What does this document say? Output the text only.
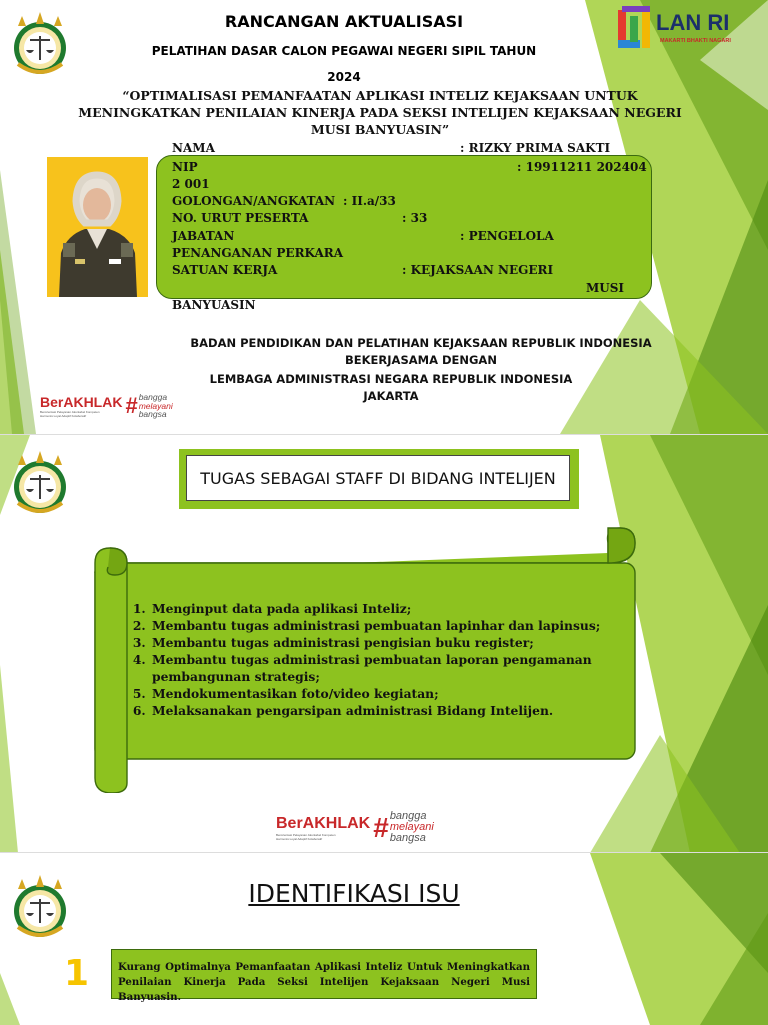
RANCANGAN AKTUALISASI
PELATIHAN DASAR CALON PEGAWAI NEGERI SIPIL TAHUN
2024
“OPTIMALISASI PEMANFAATAN APLIKASI INTELIZ KEJAKSAAN UNTUK
MENINGKATKAN PENILAIAN KINERJA PADA SEKSI INTELIJEN KEJAKSAAN NEGERI
MUSI BANYUASIN”
LAN RI
MAKARTI BHAKTI NAGARI
NAMA	: RIZKY PRIMA SAKTI
NIP	: 19911211 202404
2 001
GOLONGAN/ANGKATAN : II.a/33
NO. URUT PESERTA	: 33
JABATAN	: PENGELOLA
PENANGANAN PERKARA
SATUAN KERJA	: KEJAKSAAN NEGERI
MUSI
BANYUASIN
BADAN PENDIDIKAN DAN PELATIHAN KEJAKSAAN REPUBLIK INDONESIA
BEKERJASAMA DENGAN
LEMBAGA ADMINISTRASI NEGARA REPUBLIK INDONESIA
JAKARTA
BerAKHLAK
Berorientasi Pelayanan Akuntabel Kompeten
Harmonis Loyal Adaptif Kolaboratif	# bangga
melayani
bangsa
TUGAS SEBAGAI STAFF DI BIDANG INTELIJEN
1. Menginput data pada aplikasi Inteliz;
2. Membantu tugas administrasi pembuatan lapinhar dan lapinsus;
3. Membantu tugas administrasi pengisian buku register;
4. Membantu tugas administrasi pembuatan laporan pengamanan pembangunan strategis;
5. Mendokumentasikan foto/video kegiatan;
6. Melaksanakan pengarsipan administrasi Bidang Intelijen.
BerAKHLAK
Berorientasi Pelayanan Akuntabel Kompeten
Harmonis Loyal Adaptif Kolaboratif	# bangga
melayani
bangsa
IDENTIFIKASI ISU
1	Kurang Optimalnya Pemanfaatan Aplikasi Inteliz Untuk Meningkatkan Penilaian Kinerja Pada Seksi Intelijen Kejaksaan Negeri Musi Banyuasin.
